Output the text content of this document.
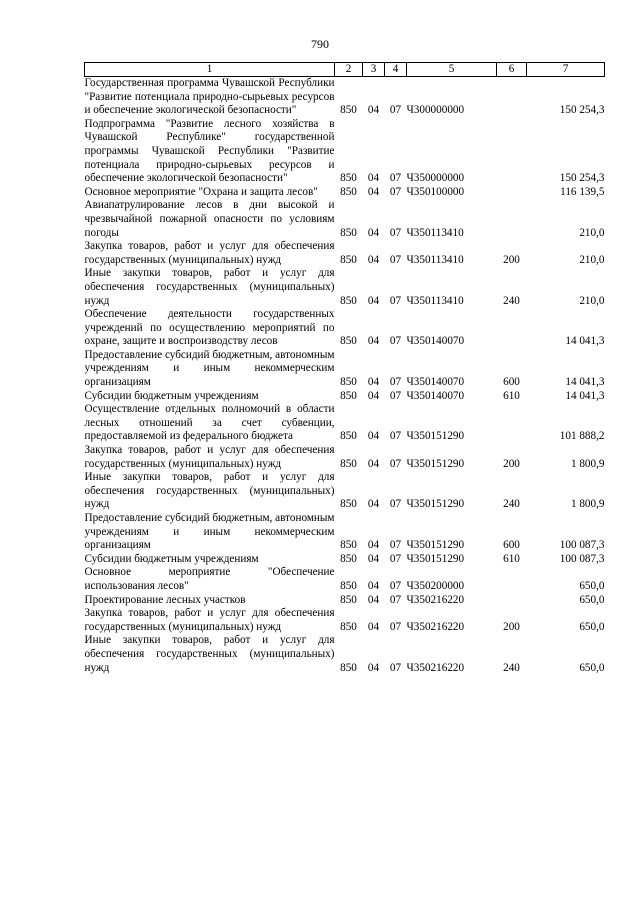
790
1	2	3	4	5	6	7
Государственная программа Чувашской Республики "Развитие потенциала природно-сырьевых ресурсов и обеспечение экологической безопасности"	850	04	07	Ч300000000		150 254,3
Подпрограмма "Развитие лесного хозяйства в Чувашской Республике" государственной программы Чувашской Республики "Развитие потенциала природно-сырьевых ресурсов и обеспечение экологической безопасности"	850	04	07	Ч350000000		150 254,3
Основное мероприятие "Охрана и защита лесов"	850	04	07	Ч350100000		116 139,5
Авиапатрулирование лесов в дни высокой и чрезвычайной пожарной опасности по условиям погоды	850	04	07	Ч350113410		210,0
Закупка товаров, работ и услуг для обеспечения государственных (муниципальных) нужд	850	04	07	Ч350113410	200	210,0
Иные закупки товаров, работ и услуг для обеспечения государственных (муниципальных) нужд	850	04	07	Ч350113410	240	210,0
Обеспечение деятельности государственных учреждений по осуществлению мероприятий по охране, защите и воспроизводству лесов	850	04	07	Ч350140070		14 041,3
Предоставление субсидий бюджетным, автономным учреждениям и иным некоммерческим организациям	850	04	07	Ч350140070	600	14 041,3
Субсидии бюджетным учреждениям	850	04	07	Ч350140070	610	14 041,3
Осуществление отдельных полномочий в области лесных отношений за счет субвенции, предоставляемой из федерального бюджета	850	04	07	Ч350151290		101 888,2
Закупка товаров, работ и услуг для обеспечения государственных (муниципальных) нужд	850	04	07	Ч350151290	200	1 800,9
Иные закупки товаров, работ и услуг для обеспечения государственных (муниципальных) нужд	850	04	07	Ч350151290	240	1 800,9
Предоставление субсидий бюджетным, автономным учреждениям и иным некоммерческим организациям	850	04	07	Ч350151290	600	100 087,3
Субсидии бюджетным учреждениям	850	04	07	Ч350151290	610	100 087,3
Основное мероприятие "Обеспечение использования лесов"	850	04	07	Ч350200000		650,0
Проектирование лесных участков	850	04	07	Ч350216220		650,0
Закупка товаров, работ и услуг для обеспечения государственных (муниципальных) нужд	850	04	07	Ч350216220	200	650,0
Иные закупки товаров, работ и услуг для обеспечения государственных (муниципальных) нужд	850	04	07	Ч350216220	240	650,0
